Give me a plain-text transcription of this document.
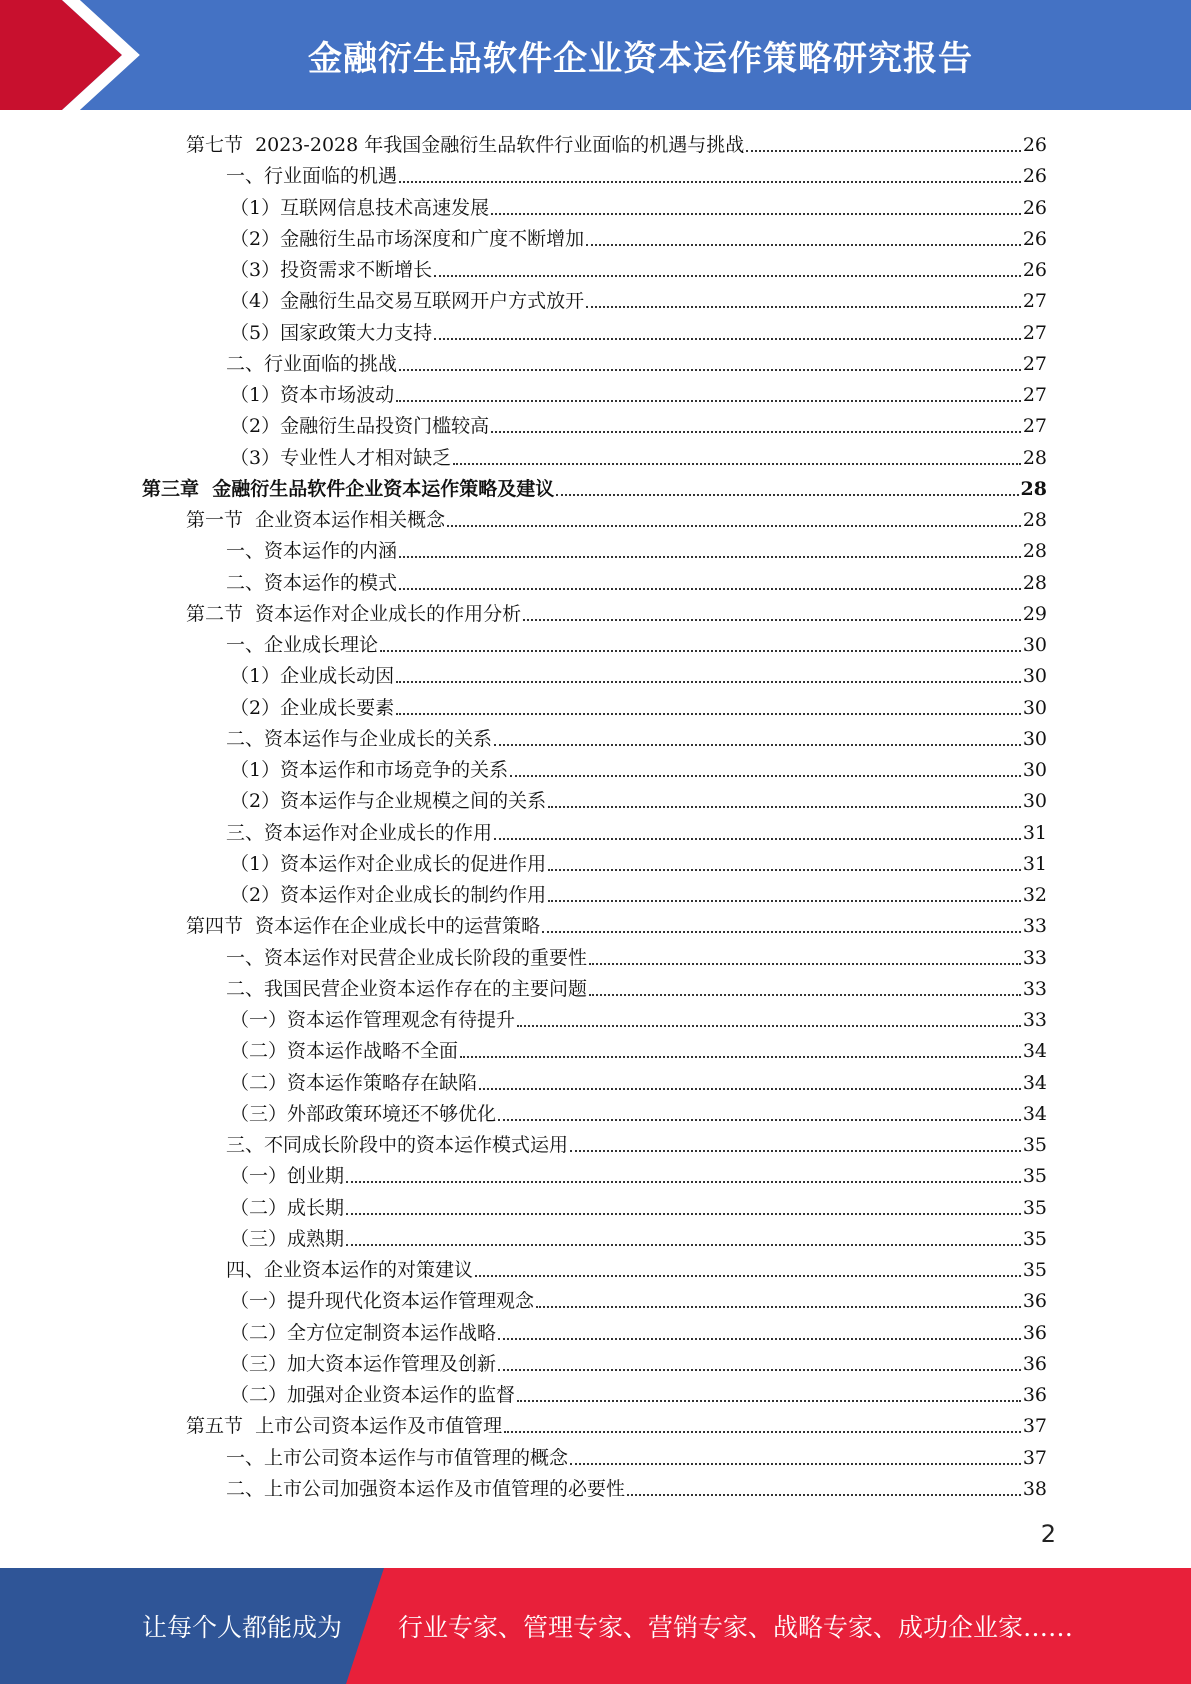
金融衍生品软件企业资本运作策略研究报告
第七节  2023-2028 年我国金融衍生品软件行业面临的机遇与挑战	26
一、行业面临的机遇	26
（1）互联网信息技术高速发展	26
（2）金融衍生品市场深度和广度不断增加	26
（3）投资需求不断增长	26
（4）金融衍生品交易互联网开户方式放开	27
（5）国家政策大力支持	27
二、行业面临的挑战	27
（1）资本市场波动	27
（2）金融衍生品投资门槛较高	27
（3）专业性人才相对缺乏	28
第三章  金融衍生品软件企业资本运作策略及建议	28
第一节  企业资本运作相关概念	28
一、资本运作的内涵	28
二、资本运作的模式	28
第二节  资本运作对企业成长的作用分析	29
一、企业成长理论	30
（1）企业成长动因	30
（2）企业成长要素	30
二、资本运作与企业成长的关系	30
（1）资本运作和市场竞争的关系	30
（2）资本运作与企业规模之间的关系	30
三、资本运作对企业成长的作用	31
（1）资本运作对企业成长的促进作用	31
（2）资本运作对企业成长的制约作用	32
第四节  资本运作在企业成长中的运营策略	33
一、资本运作对民营企业成长阶段的重要性	33
二、我国民营企业资本运作存在的主要问题	33
（一）资本运作管理观念有待提升	33
（二）资本运作战略不全面	34
（二）资本运作策略存在缺陷	34
（三）外部政策环境还不够优化	34
三、不同成长阶段中的资本运作模式运用	35
（一）创业期	35
（二）成长期	35
（三）成熟期	35
四、企业资本运作的对策建议	35
（一）提升现代化资本运作管理观念	36
（二）全方位定制资本运作战略	36
（三）加大资本运作管理及创新	36
（二）加强对企业资本运作的监督	36
第五节  上市公司资本运作及市值管理	37
一、上市公司资本运作与市值管理的概念	37
二、上市公司加强资本运作及市值管理的必要性	38
2
让每个人都能成为 行业专家、管理专家、营销专家、战略专家、成功企业家……
